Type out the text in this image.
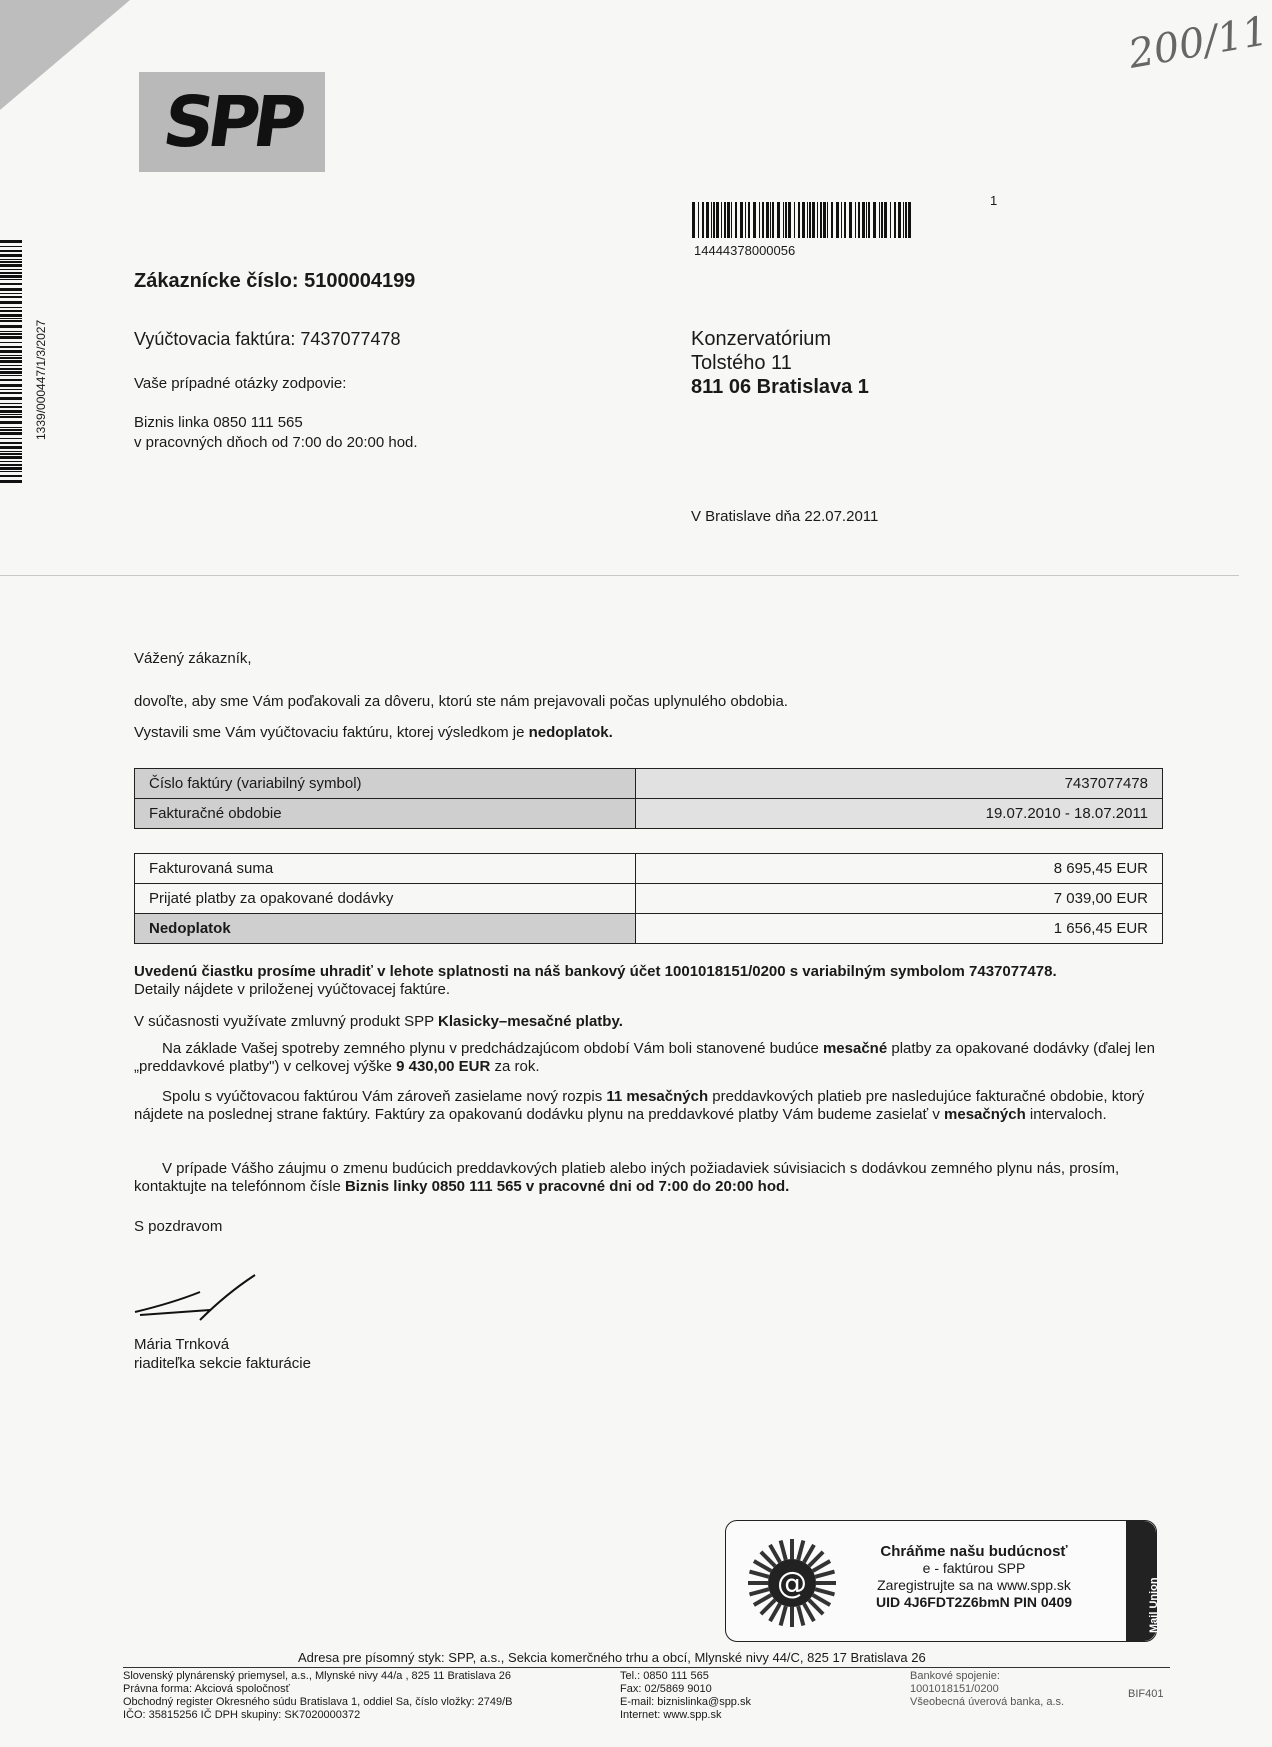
SPP
200/11
14444378000056
1
1339/000447/1/3/2027
Zákaznícke číslo: 5100004199
Vyúčtovacia faktúra: 7437077478
Vaše prípadné otázky zodpovie:
Biznis linka 0850 111 565
v pracovných dňoch od 7:00 do 20:00 hod.
Konzervatórium
Tolstého 11
811 06 Bratislava 1
V Bratislave dňa 22.07.2011
Vážený zákazník,
dovoľte, aby sme Vám poďakovali za dôveru, ktorú ste nám prejavovali počas uplynulého obdobia.
Vystavili sme Vám vyúčtovaciu faktúru, ktorej výsledkom je nedoplatok.
Číslo faktúry (variabilný symbol)	7437077478
Fakturačné obdobie	19.07.2010 - 18.07.2011
Fakturovaná suma	8 695,45 EUR
Prijaté platby za opakované dodávky	7 039,00 EUR
Nedoplatok	1 656,45 EUR
Uvedenú čiastku prosíme uhradiť v lehote splatnosti na náš bankový účet 1001018151/0200 s variabilným symbolom 7437077478.
Detaily nájdete v priloženej vyúčtovacej faktúre.
V súčasnosti využívate zmluvný produkt SPP Klasicky–mesačné platby.
Na základe Vašej spotreby zemného plynu v predchádzajúcom období Vám boli stanovené budúce mesačné platby za opakované dodávky (ďalej len „preddavkové platby") v celkovej výške 9 430,00 EUR za rok.
Spolu s vyúčtovacou faktúrou Vám zároveň zasielame nový rozpis 11 mesačných preddavkových platieb pre nasledujúce fakturačné obdobie, ktorý nájdete na poslednej strane faktúry. Faktúry za opakovanú dodávku plynu na preddavkové platby Vám budeme zasielať v mesačných intervaloch.
V prípade Vášho záujmu o zmenu budúcich preddavkových platieb alebo iných požiadaviek súvisiacich s dodávkou zemného plynu nás, prosím, kontaktujte na telefónnom čísle Biznis linky 0850 111 565 v pracovné dni od 7:00 do 20:00 hod.
S pozdravom
Mária Trnková
riaditeľka sekcie fakturácie
@
Chráňme našu budúcnosť
e - faktúrou SPP
Zaregistrujte sa na www.spp.sk
UID 4J6FDT2Z6bmN PIN 0409	Mail Union
Adresa pre písomný styk: SPP, a.s., Sekcia komerčného trhu a obcí, Mlynské nivy 44/C, 825 17 Bratislava 26
Slovenský plynárenský priemysel, a.s., Mlynské nivy 44/a , 825 11 Bratislava 26
Právna forma: Akciová spoločnosť
Obchodný register Okresného súdu Bratislava 1, oddiel Sa, číslo vložky: 2749/B
IČO: 35815256 IČ DPH skupiny: SK7020000372
Tel.: 0850 111 565
Fax: 02/5869 9010
E-mail: biznislinka@spp.sk
Internet: www.spp.sk
Bankové spojenie:
1001018151/0200
Všeobecná úverová banka, a.s.
BIF401
